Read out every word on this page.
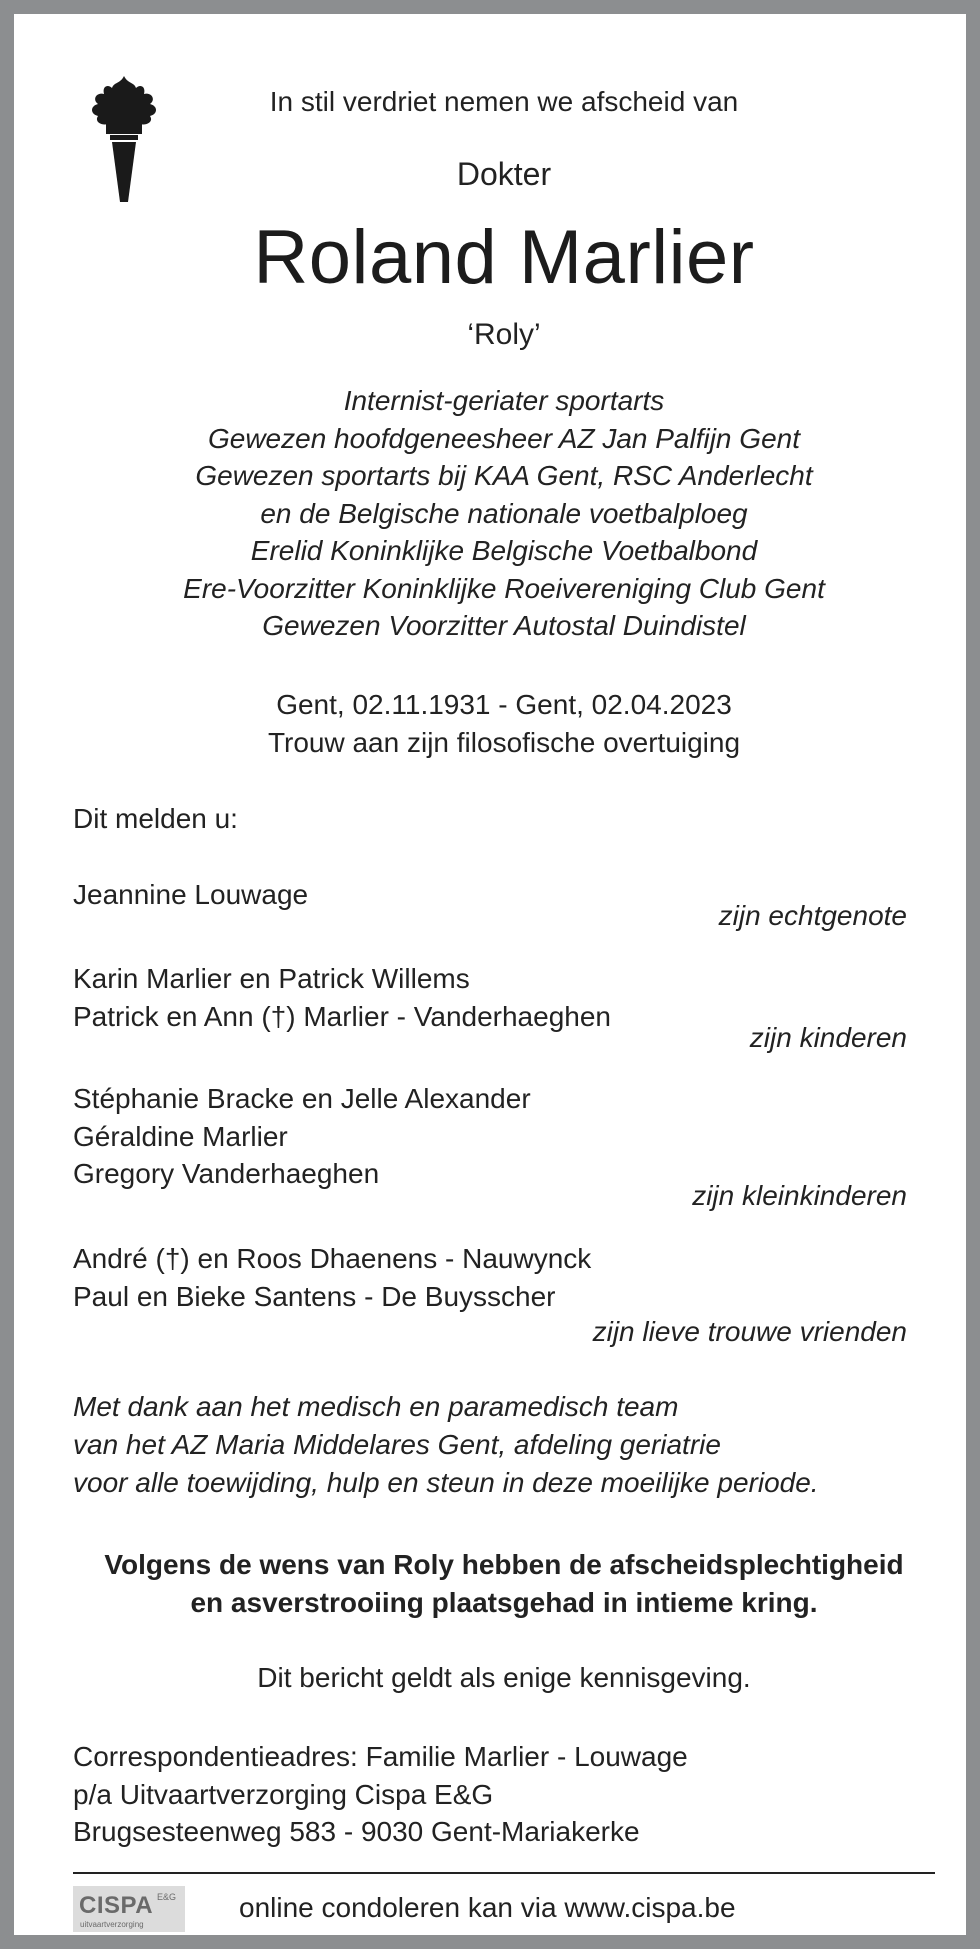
In stil verdriet nemen we afscheid van
Dokter
Roland Marlier
‘Roly’
Internist-geriater sportarts
Gewezen hoofdgeneesheer AZ Jan Palfijn Gent
Gewezen sportarts bij KAA Gent, RSC Anderlecht
en de Belgische nationale voetbalploeg
Erelid Koninklijke Belgische Voetbalbond
Ere-Voorzitter Koninklijke Roeivereniging Club Gent
Gewezen Voorzitter Autostal Duindistel
Gent, 02.11.1931 - Gent, 02.04.2023
Trouw aan zijn filosofische overtuiging
Dit melden u:
Jeannine Louwage
zijn echtgenote
Karin Marlier en Patrick Willems
Patrick en Ann (†) Marlier - Vanderhaeghen
zijn kinderen
Stéphanie Bracke en Jelle Alexander
Géraldine Marlier
Gregory Vanderhaeghen
zijn kleinkinderen
André (†) en Roos Dhaenens - Nauwynck
Paul en Bieke Santens - De Buysscher
zijn lieve trouwe vrienden
Met dank aan het medisch en paramedisch team
van het AZ Maria Middelares Gent, afdeling geriatrie
voor alle toewijding, hulp en steun in deze moeilijke periode.
Volgens de wens van Roly hebben de afscheidsplechtigheid
en asverstrooiing plaatsgehad in intieme kring.
Dit bericht geldt als enige kennisgeving.
Correspondentieadres: Familie Marlier - Louwage
p/a Uitvaartverzorging Cispa E&G
Brugsesteenweg 583 - 9030 Gent-Mariakerke
CISPA E&G
uitvaartverzorging
online condoleren kan via www.cispa.be
